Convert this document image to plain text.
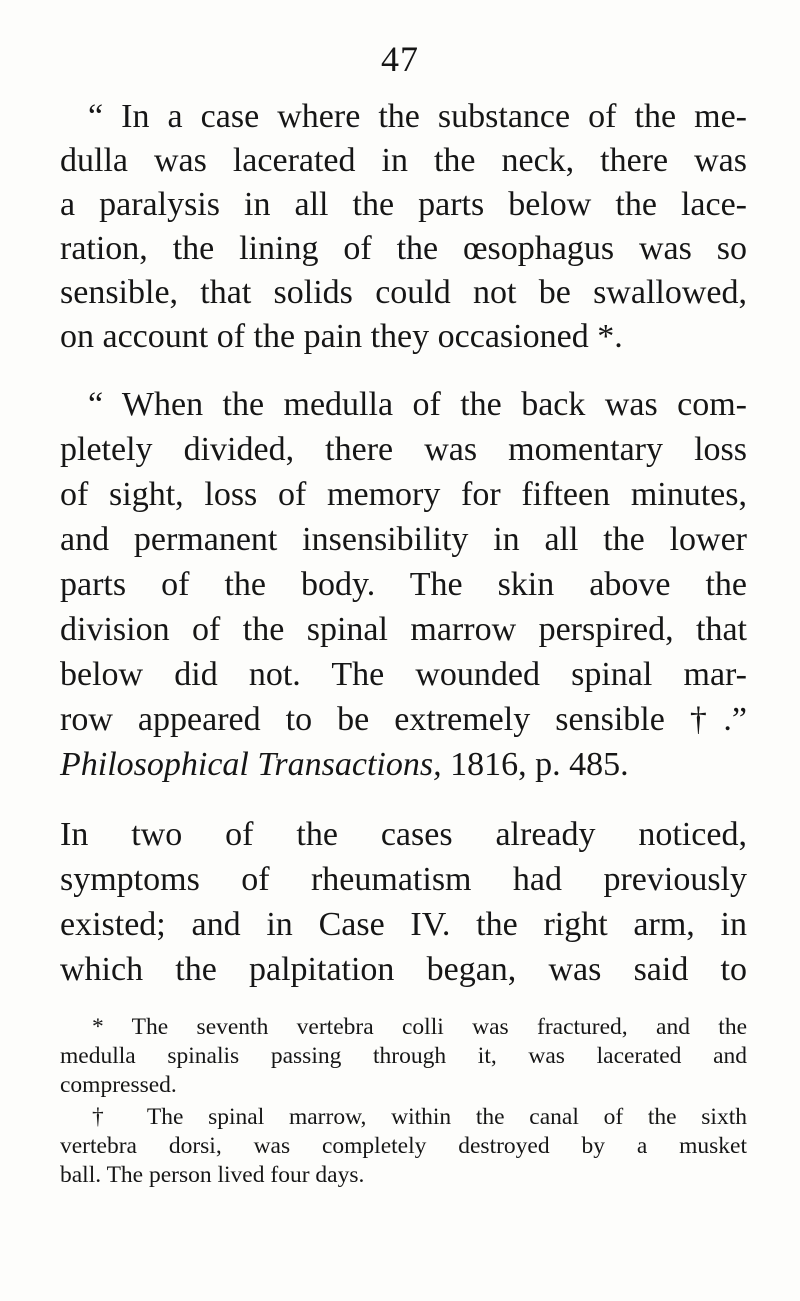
47
“ In a case where the substance of the me-
dulla was lacerated in the neck, there was
a paralysis in all the parts below the lace-
ration, the lining of the œsophagus was so
sensible, that solids could not be swallowed,
on account of the pain they occasioned *.
“ When the medulla of the back was com-
pletely divided, there was momentary loss
of sight, loss of memory for fifteen minutes,
and permanent insensibility in all the lower
parts of the body. The skin above the
division of the spinal marrow perspired, that
below did not. The wounded spinal mar-
row appeared to be extremely sensible †.”
Philosophical Transactions, 1816, p. 485.
In two of the cases already noticed,
symptoms of rheumatism had previously
existed; and in Case IV. the right arm, in
which the palpitation began, was said to
* The seventh vertebra colli was fractured, and the
medulla spinalis passing through it, was lacerated and
compressed.
† The spinal marrow, within the canal of the sixth
vertebra dorsi, was completely destroyed by a musket
ball. The person lived four days.
